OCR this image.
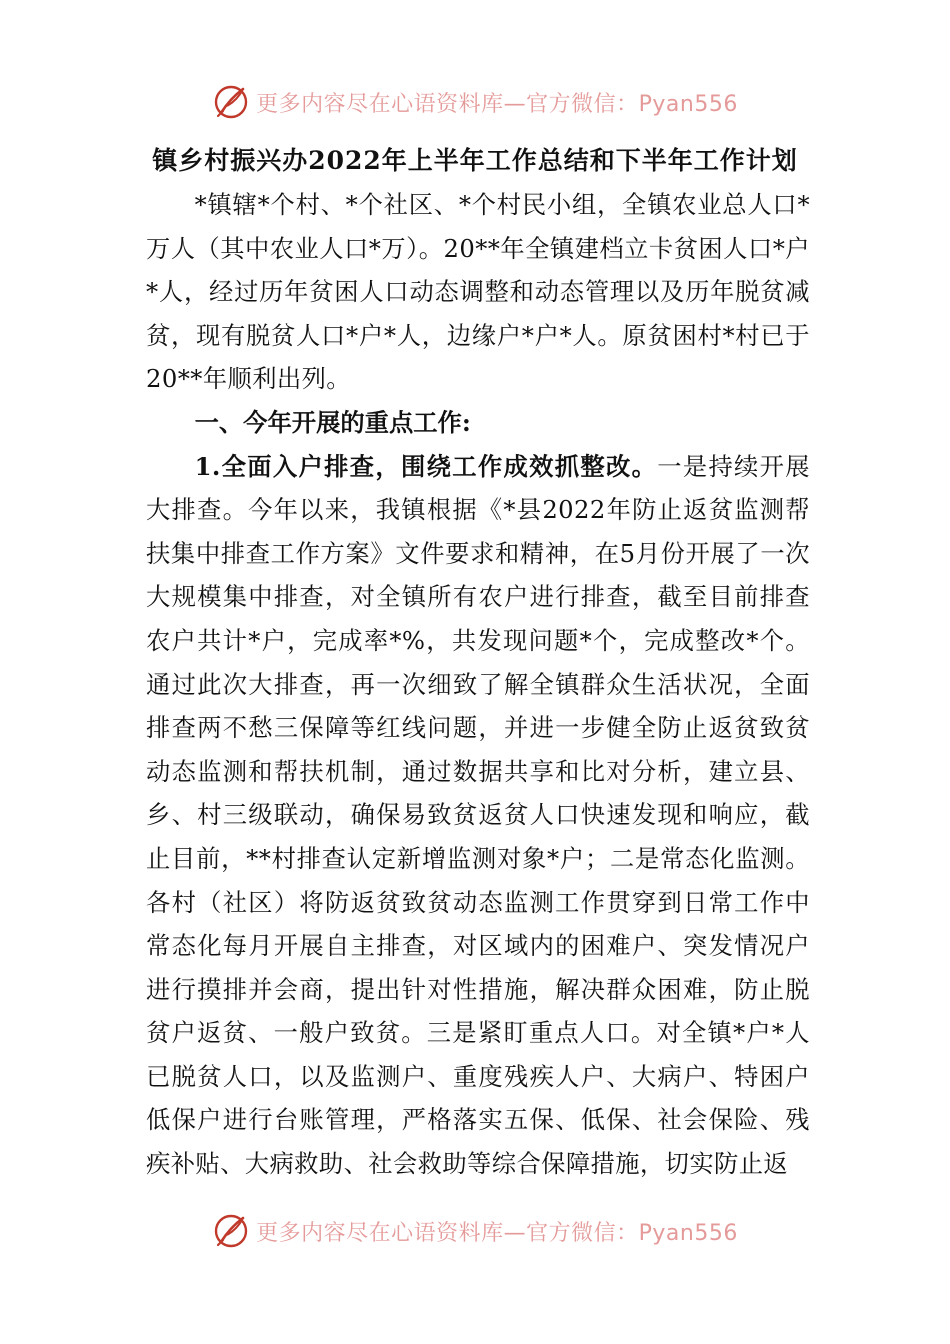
更多内容尽在心语资料库—官方微信：Pyan556
镇乡村振兴办2022年上半年工作总结和下半年工作计划

*镇辖*个村、*个社区、*个村民小组，全镇农业总人口*万人（其中农业人口*万）。20**年全镇建档立卡贫困人口*户*人，经过历年贫困人口动态调整和动态管理以及历年脱贫减贫，现有脱贫人口*户*人，边缘户*户*人。原贫困村*村已于20**年顺利出列。

一、今年开展的重点工作:

1.全面入户排查，围绕工作成效抓整改。一是持续开展大排查。今年以来，我镇根据《*县2022年防止返贫监测帮扶集中排查工作方案》文件要求和精神，在5月份开展了一次大规模集中排查，对全镇所有农户进行排查，截至目前排查农户共计*户，完成率*%，共发现问题*个，完成整改*个。通过此次大排查，再一次细致了解全镇群众生活状况，全面排查两不愁三保障等红线问题，并进一步健全防止返贫致贫动态监测和帮扶机制，通过数据共享和比对分析，建立县、乡、村三级联动，确保易致贫返贫人口快速发现和响应，截止目前，**村排查认定新增监测对象*户；二是常态化监测。各村（社区）将防返贫致贫动态监测工作贯穿到日常工作中常态化每月开展自主排查，对区域内的困难户、突发情况户进行摸排并会商，提出针对性措施，解决群众困难，防止脱贫户返贫、一般户致贫。三是紧盯重点人口。对全镇*户*人已脱贫人口，以及监测户、重度残疾人户、大病户、特困户低保户进行台账管理，严格落实五保、低保、社会保险、残疾补贴、大病救助、社会救助等综合保障措施，切实防止返

更多内容尽在心语资料库—官方微信：Pyan556
